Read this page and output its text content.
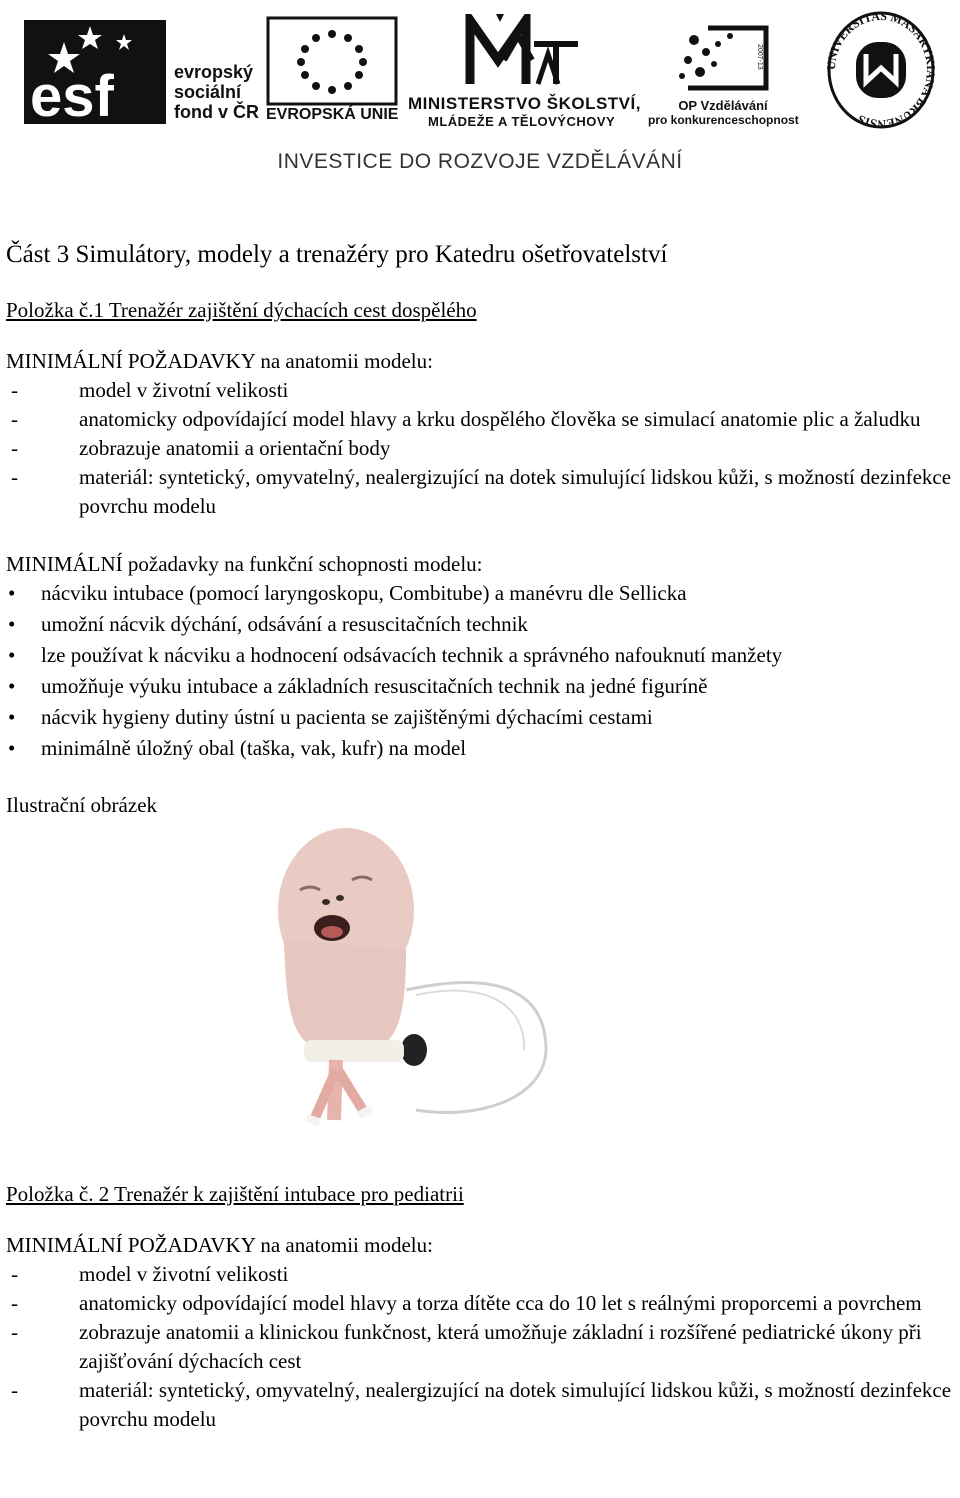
esf	evropský
sociální
fond v ČR EVROPSKÁ UNIE
MINISTERSTVO ŠKOLSTVÍ,
MLÁDEŽE A TĚLOVÝCHOVY
2007-13
OP Vzdělávání
pro konkurenceschopnost
NIVERSITAS MASARY NA BRUNENSIS
INVESTICE DO ROZVOJE VZDĚLÁVÁNÍ
Část 3 Simulátory, modely a trenažéry pro Katedru ošetřovatelství
Položka č.1 Trenažér zajištění dýchacích cest dospělého
MINIMÁLNÍ POŽADAVKY na anatomii modelu:
-	model v životní velikosti
-	anatomicky odpovídající model hlavy a krku dospělého člověka se simulací anatomie plic a žaludku
-	zobrazuje anatomii a orientační body
-	materiál: syntetický, omyvatelný, nealergizující na dotek simulující lidskou kůži, s možností dezinfekce povrchu modelu
MINIMÁLNÍ požadavky na funkční schopnosti modelu:
•	nácviku intubace (pomocí laryngoskopu, Combitube) a manévru dle Sellicka
•	umožní nácvik dýchání, odsávání a resuscitačních technik
•	lze používat k nácviku a hodnocení odsávacích technik a správného nafouknutí manžety
•	umožňuje výuku intubace a základních resuscitačních technik na jedné figuríně
•	nácvik hygieny dutiny ústní u pacienta se zajištěnými dýchacími cestami
•	minimálně úložný obal (taška, vak, kufr) na model
Ilustrační obrázek
Položka č. 2 Trenažér k zajištění intubace pro pediatrii
MINIMÁLNÍ POŽADAVKY na anatomii modelu:
-	model v životní velikosti
-	anatomicky odpovídající model hlavy a torza dítěte cca do 10 let s reálnými proporcemi a povrchem
-	zobrazuje anatomii a klinickou funkčnost, která umožňuje základní i rozšířené pediatrické úkony při zajišťování dýchacích cest
-	materiál: syntetický, omyvatelný, nealergizující na dotek simulující lidskou kůži, s možností dezinfekce povrchu modelu
